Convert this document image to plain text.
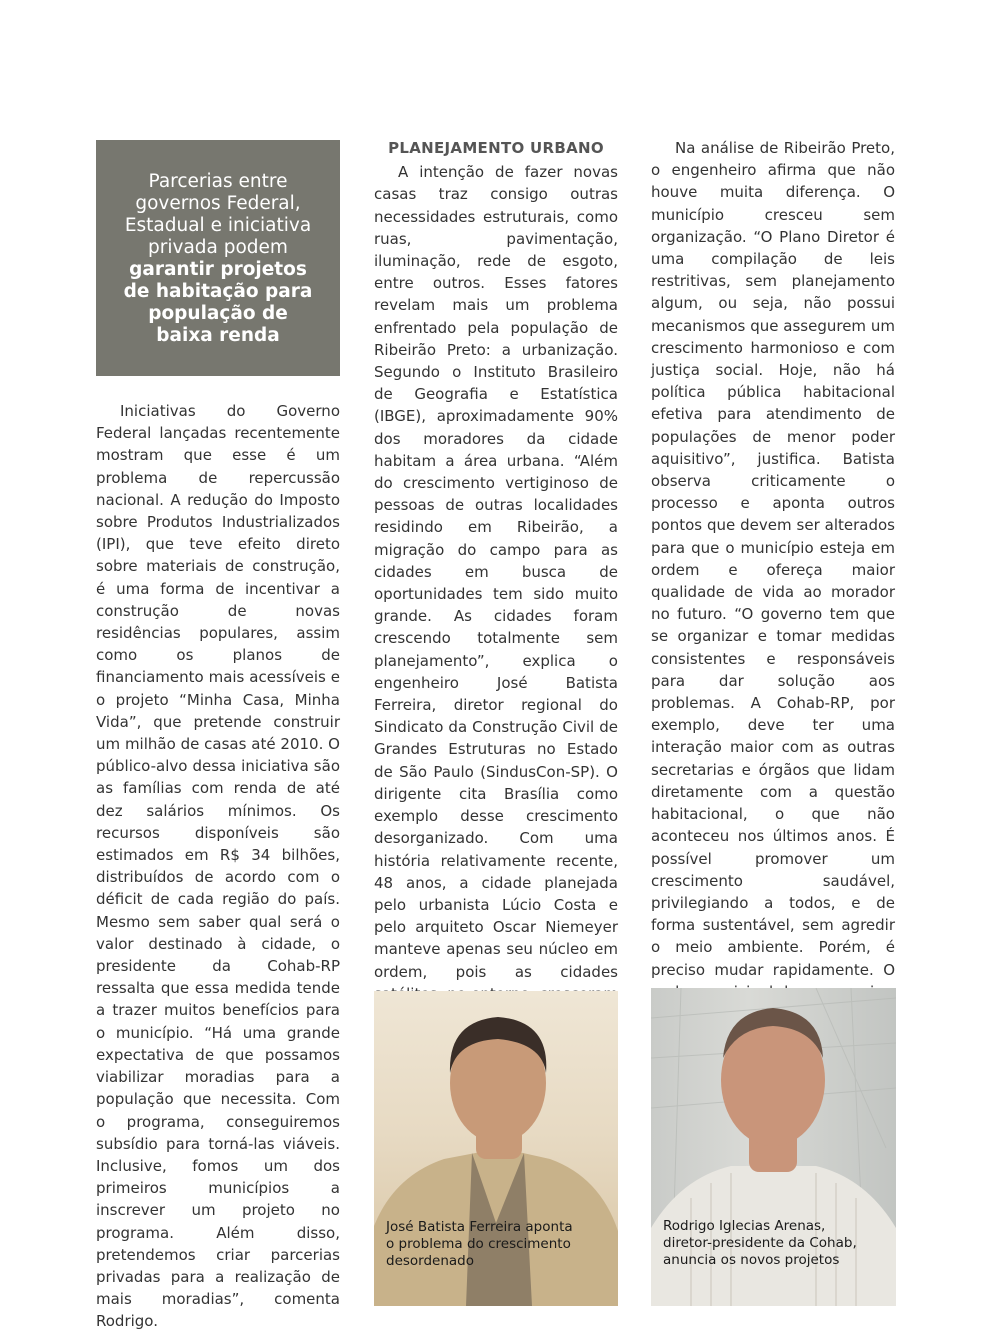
Parcerias entre
governos Federal,
Estadual e iniciativa
privada podem
garantir projetos
de habitação para
população de
baixa renda

Iniciativas do Governo Federal lançadas recentemente mostram que esse é um problema de repercussão nacional. A redução do Imposto sobre Produtos Industrializados (IPI), que teve efeito direto sobre materiais de construção, é uma forma de incentivar a construção de novas residências populares, assim como os planos de financiamento mais acessíveis e o projeto “Minha Casa, Minha Vida”, que pretende construir um milhão de casas até 2010. O público-alvo dessa iniciativa são as famílias com renda de até dez salários mínimos. Os recursos disponíveis são estimados em R$ 34 bilhões, distribuídos de acordo com o déficit de cada região do país. Mesmo sem saber qual será o valor destinado à cidade, o presidente da Cohab-RP ressalta que essa medida tende a trazer muitos benefícios para o município. “Há uma grande expectativa de que possamos viabilizar moradias para a população que necessita. Com o programa, conseguiremos subsídio para torná-las viáveis. Inclusive, fomos um dos primeiros municípios a inscrever um projeto no programa. Além disso, pretendemos criar parcerias privadas para a realização de mais moradias”, comenta Rodrigo.

PLANEJAMENTO URBANO

A intenção de fazer novas casas traz consigo outras necessidades estruturais, como ruas, pavimentação, iluminação, rede de esgoto, entre outros. Esses fatores revelam mais um problema enfrentado pela população de Ribeirão Preto: a urbanização. Segundo o Instituto Brasileiro de Geografia e Estatística (IBGE), aproximadamente 90% dos moradores da cidade habitam a área urbana. “Além do crescimento vertiginoso de pessoas de outras localidades residindo em Ribeirão, a migração do campo para as cidades em busca de oportunidades tem sido muito grande. As cidades foram crescendo totalmente sem planejamento”, explica o engenheiro José Batista Ferreira, diretor regional do Sindicato da Construção Civil de Grandes Estruturas no Estado de São Paulo (SindusCon-SP). O dirigente cita Brasília como exemplo desse crescimento desorganizado. Com uma história relativamente recente, 48 anos, a cidade planejada pelo urbanista Lúcio Costa e pelo arquiteto Oscar Niemeyer manteve apenas seu núcleo em ordem, pois as cidades

Na análise de Ribeirão Preto, o engenheiro afirma que não houve muita diferença. O município cresceu sem organização. “O Plano Diretor é uma compilação de leis restritivas, sem planejamento algum, ou seja, não possui mecanismos que assegurem um crescimento harmonioso e com justiça social. Hoje, não há política pública habitacional efetiva para atendimento de populações de menor poder aquisitivo”, justifica. Batista observa criticamente o processo e aponta outros pontos que devem ser alterados para que o município esteja em ordem e ofereça maior qualidade de vida ao morador no futuro. “O governo tem que se organizar e tomar medidas consistentes e responsáveis para dar solução aos problemas. A Cohab-RP, por exemplo, deve ter uma interação maior com as outras secretarias e órgãos que lidam diretamente com a questão habitacional, o que não aconteceu nos últimos anos. É possível promover um crescimento saudável, privilegiando a todos, e de forma sustentável, sem agredir o meio ambiente. Porém, é preciso mudar rapidamente. O

José Batista Ferreira aponta
o problema do crescimento
desordenado
Rodrigo Iglecias Arenas,
diretor-presidente da Cohab,
anuncia os novos projetos
